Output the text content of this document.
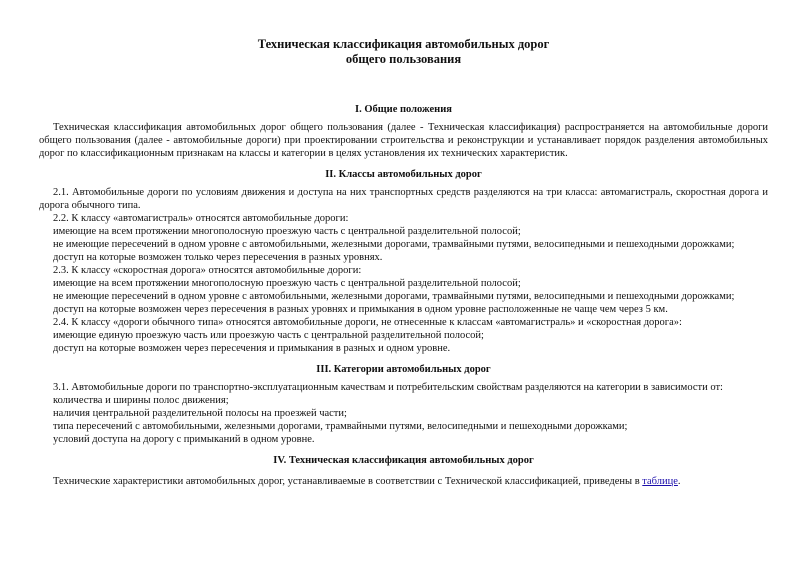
Техническая классификация автомобильных дорог

общего пользования

I. Общие положения

Техническая классификация автомобильных дорог общего пользования (далее - Техническая классификация) распространяется на автомобильные дороги общего пользования (далее - автомобильные дороги) при проектировании строительства и реконструкции и устанавливает порядок разделения автомобильных дорог по классификационным признакам на классы и категории в целях установления их технических характеристик.

II. Классы автомобильных дорог

2.1. Автомобильные дороги по условиям движения и доступа на них транспортных средств разделяются на три класса: автомагистраль, скоростная дорога и дорога обычного типа.

2.2. К классу «автомагистраль» относятся автомобильные дороги:

имеющие на всем протяжении многополосную проезжую часть с центральной разделительной полосой;

не имеющие пересечений в одном уровне с автомобильными, железными дорогами, трамвайными путями, велосипедными и пешеходными дорожками;

доступ на которые возможен только через пересечения в разных уровнях.

2.3. К классу «скоростная дорога» относятся автомобильные дороги:

имеющие на всем протяжении многополосную проезжую часть с центральной разделительной полосой;

не имеющие пересечений в одном уровне с автомобильными, железными дорогами, трамвайными путями, велосипедными и пешеходными дорожками;

доступ на которые возможен через пересечения в разных уровнях и примыкания в одном уровне расположенные не чаще чем через 5 км.

2.4. К классу «дороги обычного типа» относятся автомобильные дороги, не отнесенные к классам «автомагистраль» и «скоростная дорога»:

имеющие единую проезжую часть или проезжую часть с центральной разделительной полосой;

доступ на которые возможен через пересечения и примыкания в разных и одном уровне.

III. Категории автомобильных дорог

3.1. Автомобильные дороги по транспортно-эксплуатационным качествам и потребительским свойствам разделяются на категории в зависимости от:

количества и ширины полос движения;

наличия центральной разделительной полосы на проезжей части;

типа пересечений с автомобильными, железными дорогами, трамвайными путями, велосипедными и пешеходными дорожками;

условий доступа на дорогу с примыканий в одном уровне.

IV. Техническая классификация автомобильных дорог

Технические характеристики автомобильных дорог, устанавливаемые в соответствии с Технической классификацией, приведены в таблице.
